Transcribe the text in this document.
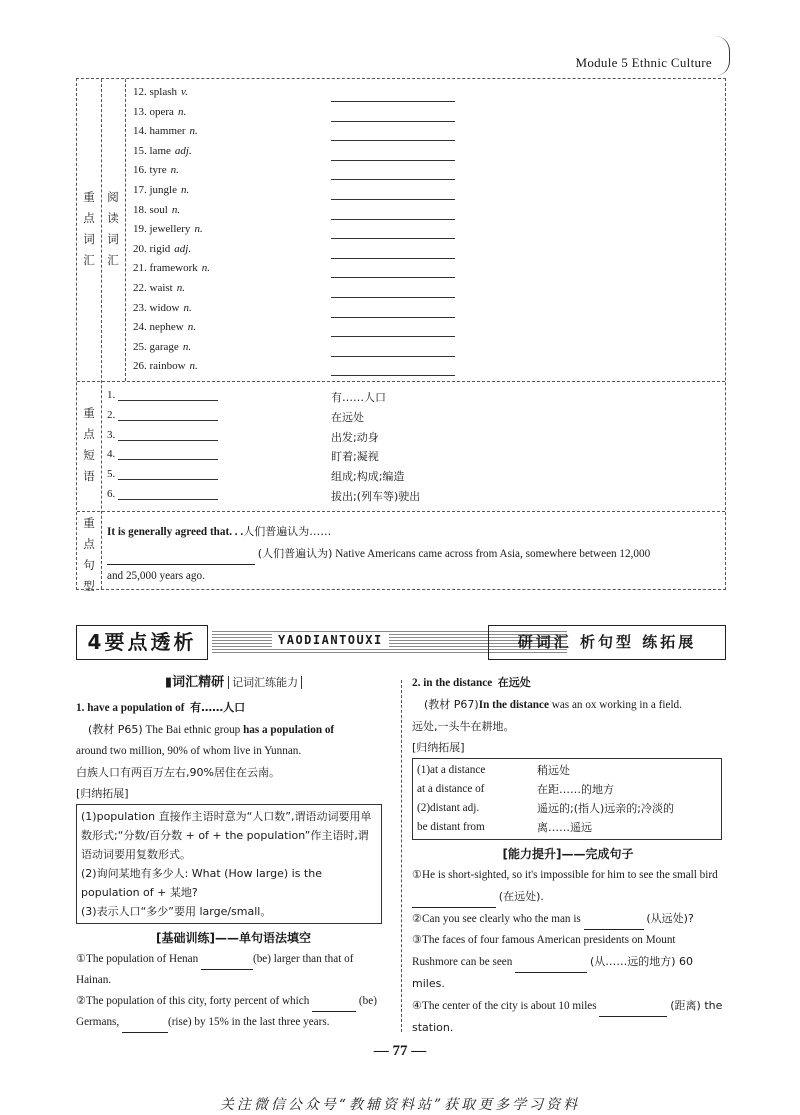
Module 5 Ethnic Culture
重
点
词
汇
阅
读
词
汇
12. splash v.
13. opera n.
14. hammer n.
15. lame adj.
16. tyre n.
17. jungle n.
18. soul n.
19. jewellery n.
20. rigid adj.
21. framework n.
22. waist n.
23. widow n.
24. nephew n.
25. garage n.
26. rainbow n.
重
点
短
语
1.	有……人口
2.	在远处
3.	出发;动身
4.	盯着;凝视
5.	组成;构成;编造
6.	拔出;(列车等)驶出
重
点
句
型
It is generally agreed that. . .人们普遍认为……
(人们普遍认为) Native Americans came across from Asia, somewhere between 12,000
and 25,000 years ago.
4要点透析	YAODIANTOUXI	研词汇 析句型 练拓展
▮词汇精研 记词汇练能力
1. have a population of 有……人口
(教材 P65) The Bai ethnic group has a population of
around two million, 90% of whom live in Yunnan.
白族人口有两百万左右,90%居住在云南。
[归纳拓展]
(1)population 直接作主语时意为“人口数”,谓语动词要用单数形式;“分数/百分数 + of + the population”作主语时,谓语动词要用复数形式。
(2)询问某地有多少人: What (How large) is the population of + 某地?
(3)表示人口“多少”要用 large/small。
[基础训练]——单句语法填空
①The population of Henan	(be) larger than that of Hainan.
②The population of this city, forty percent of which	(be) Germans,	(rise) by 15% in the last three years.
2. in the distance 在远处
(教材 P67)In the distance was an ox working in a field.
远处,一头牛在耕地。
[归纳拓展]
(1)at a distance	稍远处
at a distance of	在距……的地方
(2)distant adj.	遥远的;(指人)远亲的;冷淡的
be distant from	离……遥远
[能力提升]——完成句子
①He is short-sighted, so it's impossible for him to see the small bird  (在远处).
②Can you see clearly who the man is	(从远处)?
③The faces of four famous American presidents on Mount Rushmore can be seen	(从……远的地方) 60 miles.
④The center of the city is about 10 miles	(距离) the station.
— 77 —
关注微信公众号“教辅资料站”获取更多学习资料
